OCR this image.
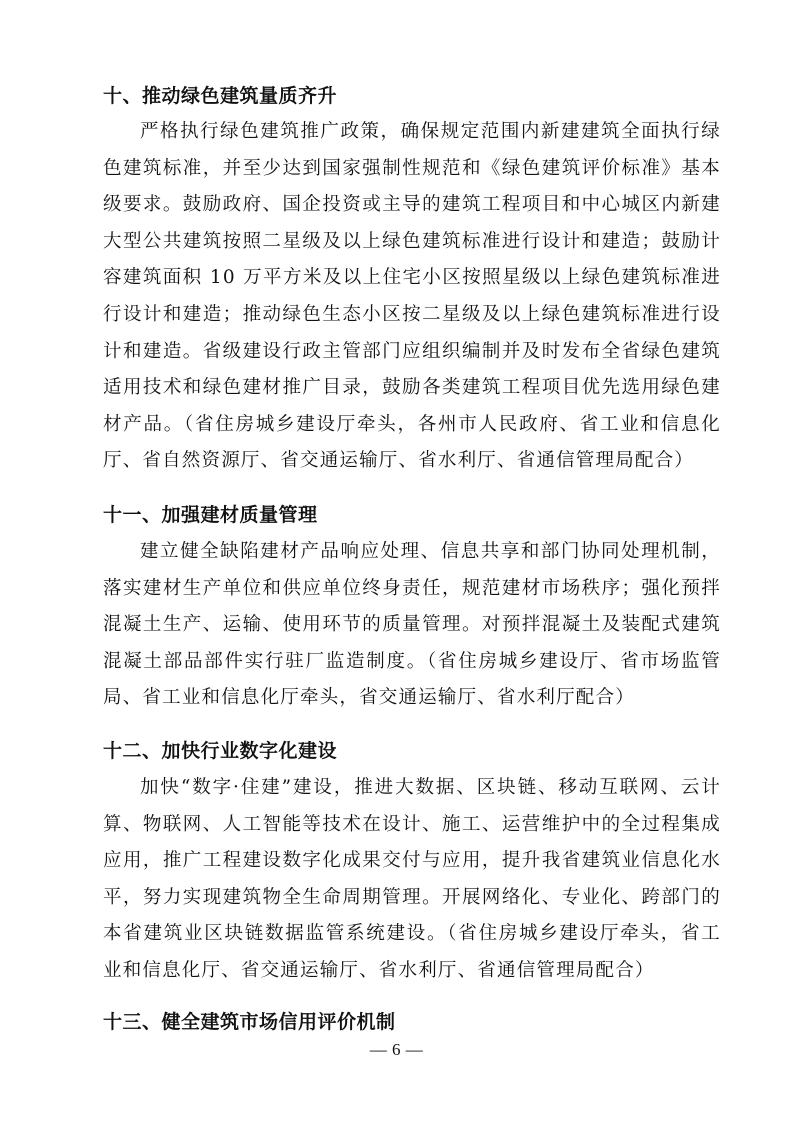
十、推动绿色建筑量质齐升

严格执行绿色建筑推广政策，确保规定范围内新建建筑全面执行绿色建筑标准，并至少达到国家强制性规范和《绿色建筑评价标准》基本级要求。鼓励政府、国企投资或主导的建筑工程项目和中心城区内新建大型公共建筑按照二星级及以上绿色建筑标准进行设计和建造；鼓励计容建筑面积 10 万平方米及以上住宅小区按照星级以上绿色建筑标准进行设计和建造；推动绿色生态小区按二星级及以上绿色建筑标准进行设计和建造。省级建设行政主管部门应组织编制并及时发布全省绿色建筑适用技术和绿色建材推广目录，鼓励各类建筑工程项目优先选用绿色建材产品。（省住房城乡建设厅牵头，各州市人民政府、省工业和信息化厅、省自然资源厅、省交通运输厅、省水利厅、省通信管理局配合）

十一、加强建材质量管理

建立健全缺陷建材产品响应处理、信息共享和部门协同处理机制，落实建材生产单位和供应单位终身责任，规范建材市场秩序；强化预拌混凝土生产、运输、使用环节的质量管理。对预拌混凝土及装配式建筑混凝土部品部件实行驻厂监造制度。（省住房城乡建设厅、省市场监管局、省工业和信息化厅牵头，省交通运输厅、省水利厅配合）

十二、加快行业数字化建设

加快“数字·住建”建设，推进大数据、区块链、移动互联网、云计算、物联网、人工智能等技术在设计、施工、运营维护中的全过程集成应用，推广工程建设数字化成果交付与应用，提升我省建筑业信息化水平，努力实现建筑物全生命周期管理。开展网络化、专业化、跨部门的本省建筑业区块链数据监管系统建设。（省住房城乡建设厅牵头，省工业和信息化厅、省交通运输厅、省水利厅、省通信管理局配合）

十三、健全建筑市场信用评价机制
— 6 —
